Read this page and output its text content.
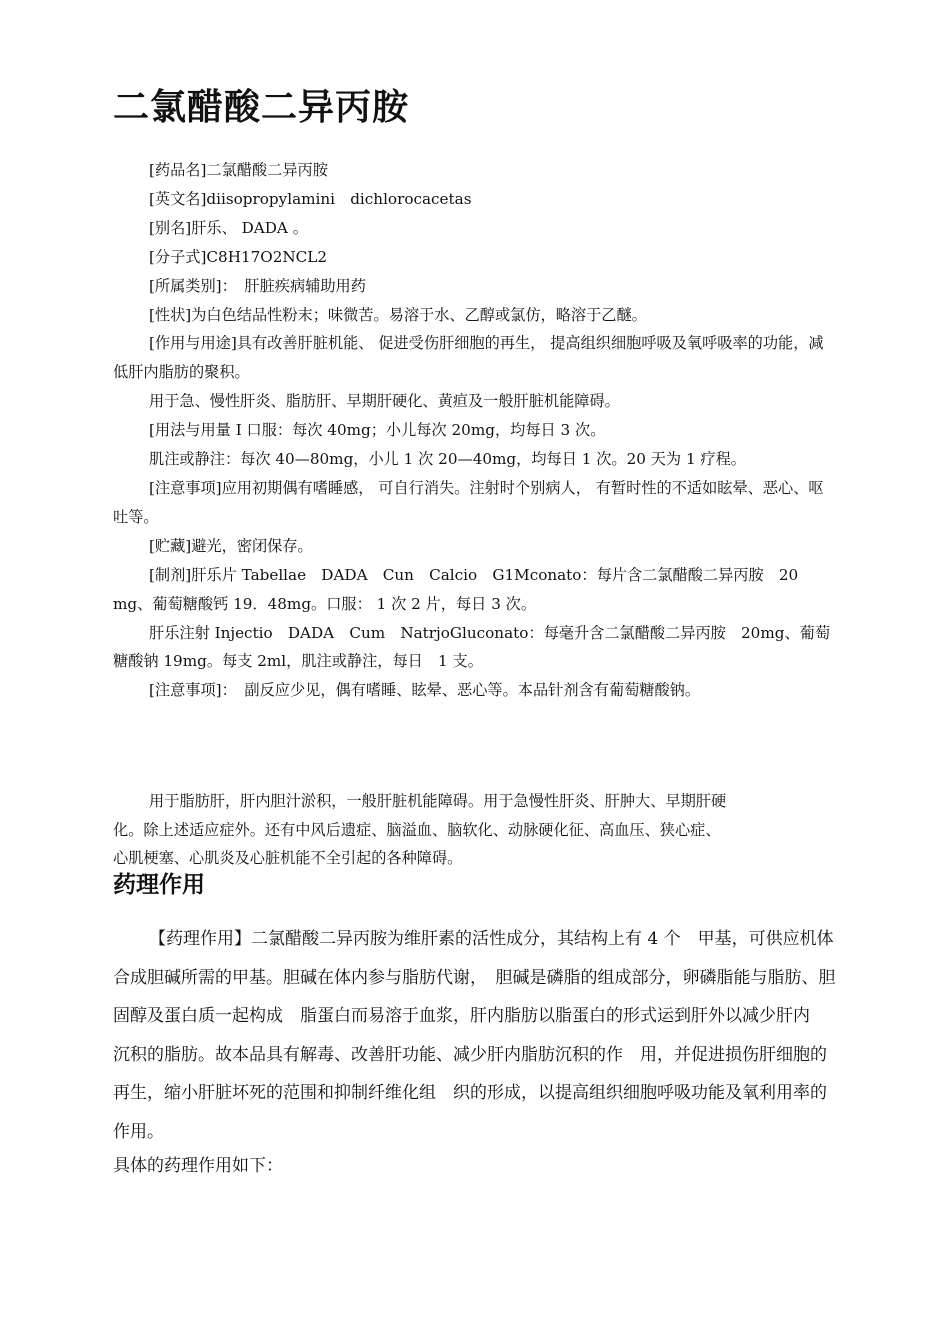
二氯醋酸二异丙胺

[药品名]二氯醋酸二异丙胺

[英文名]diisopropylamini　dichlorocacetas

[别名]肝乐、 DADA 。

[分子式]C8H17O2NCL2

[所属类别]：　肝脏疾病辅助用药

[性状]为白色结品性粉末；味微苦。易溶于水、乙醇或氯仿，略溶于乙醚。

[作用与用途]具有改善肝脏机能、 促进受伤肝细胞的再生， 提高组织细胞呼吸及氧呼吸率的功能，减低肝内脂肪的聚积。

用于急、慢性肝炎、脂肪肝、早期肝硬化、黄疸及一般肝脏机能障碍。

[用法与用量 I 口服：每次 40mg；小儿每次 20mg，均每日 3 次。

肌注或静注：每次 40—80mg，小儿 1 次 20—40mg，均每日 1 次。20 天为 1 疗程。

[注意事项]应用初期偶有嗜睡感， 可自行消失。注射时个别病人， 有暂时性的不适如眩晕、恶心、呕吐等。

[贮藏]避光，密闭保存。

[制剂]肝乐片 Tabellae　DADA　Cun　Calcio　G1Mconato：每片含二氯醋酸二异丙胺　20 mg、葡萄糖酸钙 19．48mg。口服： 1 次 2 片，每日 3 次。

肝乐注射 Injectio　DADA　Cum　NatrjoGluconato：每毫升含二氯醋酸二异丙胺　20mg、葡萄糖酸钠 19mg。每支 2ml，肌注或静注，每日　1 支。

[注意事项]：　副反应少见，偶有嗜睡、眩晕、恶心等。本品针剂含有葡萄糖酸钠。

用于脂肪肝，肝内胆汁淤积，一般肝脏机能障碍。用于急慢性肝炎、肝肿大、早期肝硬

化。除上述适应症外。还有中风后遗症、脑溢血、脑软化、动脉硬化征、高血压、狭心症、

心肌梗塞、心肌炎及心脏机能不全引起的各种障碍。

药理作用

【药理作用】二氯醋酸二异丙胺为维肝素的活性成分，其结构上有 4 个　甲基，可供应机体合成胆碱所需的甲基。胆碱在体内参与脂肪代谢，　胆碱是磷脂的组成部分，卵磷脂能与脂肪、胆固醇及蛋白质一起构成　脂蛋白而易溶于血浆，肝内脂肪以脂蛋白的形式运到肝外以减少肝内　沉积的脂肪。故本品具有解毒、改善肝功能、减少肝内脂肪沉积的作　用，并促进损伤肝细胞的再生，缩小肝脏坏死的范围和抑制纤维化组　织的形成，以提高组织细胞呼吸功能及氧利用率的作用。

具体的药理作用如下：
